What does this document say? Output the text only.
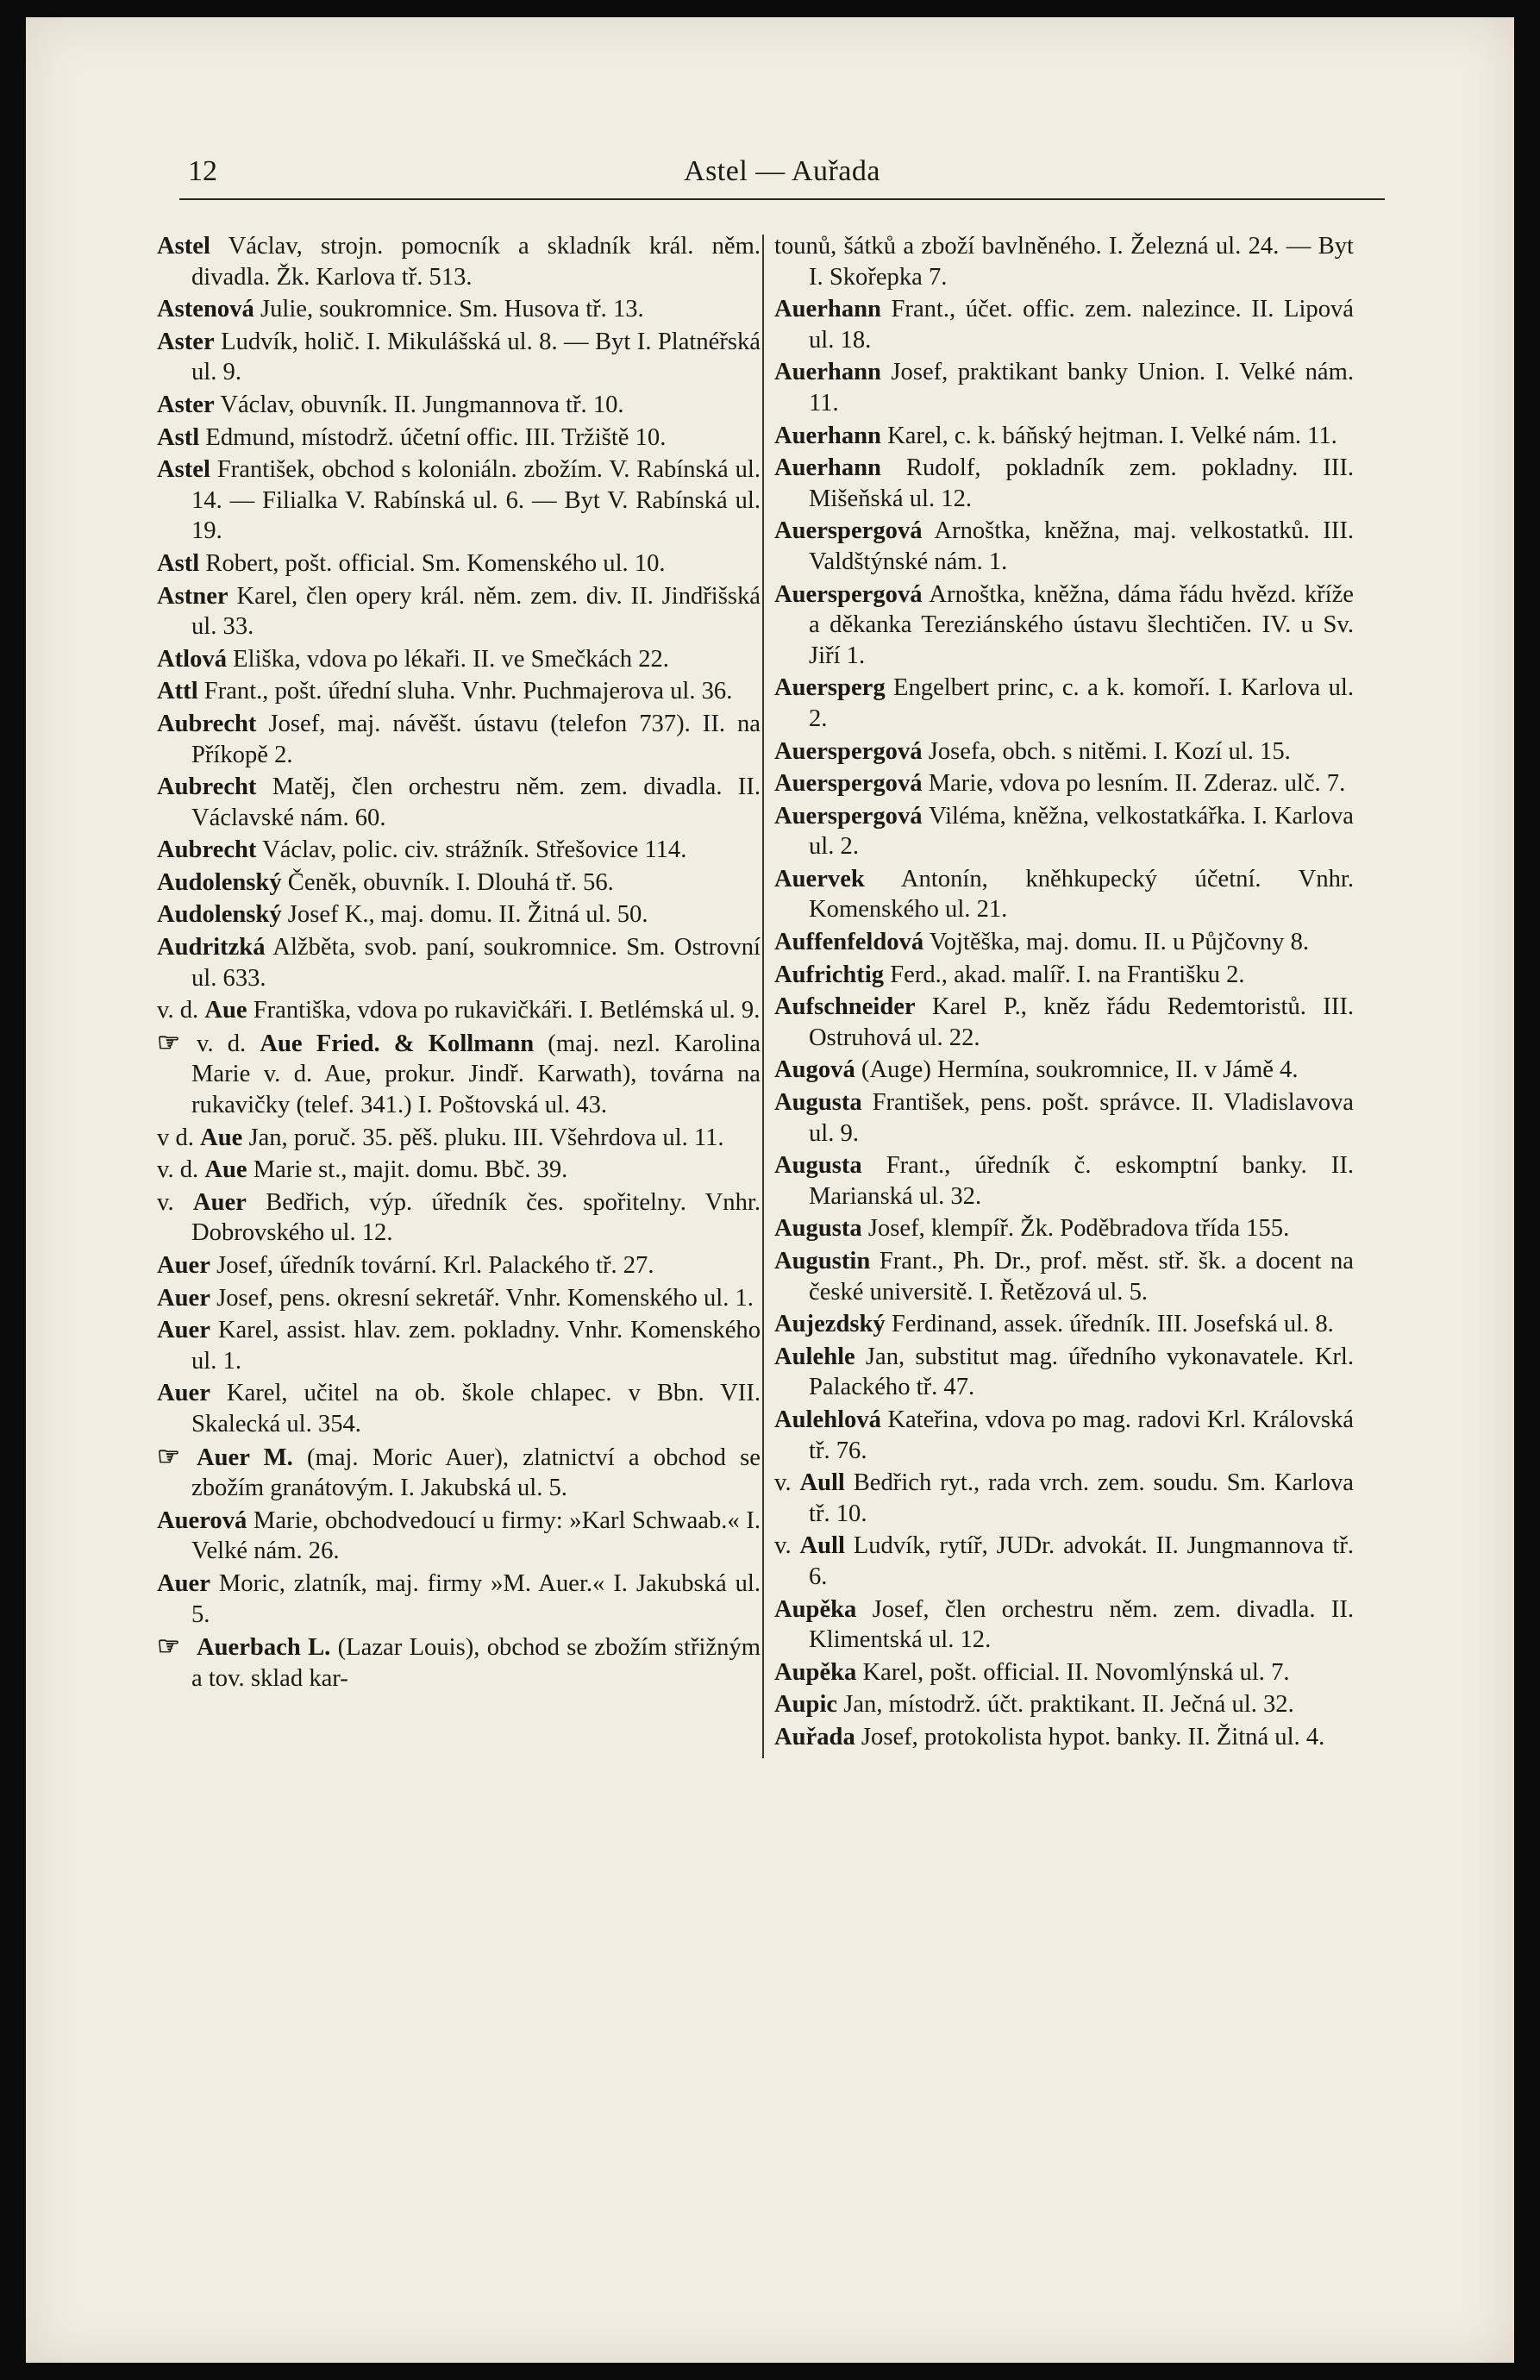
12	Astel — Auřada

Astel Václav, strojn. pomocník a skladník král. něm. divadla. Žk. Karlova tř. 513.

Astenová Julie, soukromnice. Sm. Husova tř. 13.

Aster Ludvík, holič. I. Mikulášská ul. 8. — Byt I. Platnéřská ul. 9.

Aster Václav, obuvník. II. Jungmannova tř. 10.

Astl Edmund, místodrž. účetní offic. III. Tržiště 10.

Astel František, obchod s koloniáln. zbožím. V. Rabínská ul. 14. — Filialka V. Rabínská ul. 6. — Byt V. Rabínská ul. 19.

Astl Robert, pošt. official. Sm. Komenského ul. 10.

Astner Karel, člen opery král. něm. zem. div. II. Jindřišská ul. 33.

Atlová Eliška, vdova po lékaři. II. ve Smečkách 22.

Attl Frant., pošt. úřední sluha. Vnhr. Puchmajerova ul. 36.

Aubrecht Josef, maj. návěšt. ústavu (telefon 737). II. na Příkopě 2.

Aubrecht Matěj, člen orchestru něm. zem. divadla. II. Václavské nám. 60.

Aubrecht Václav, polic. civ. strážník. Střešovice 114.

Audolenský Čeněk, obuvník. I. Dlouhá tř. 56.

Audolenský Josef K., maj. domu. II. Žitná ul. 50.

Audritzká Alžběta, svob. paní, soukromnice. Sm. Ostrovní ul. 633.

v. d. Aue Františka, vdova po rukavičkáři. I. Betlémská ul. 9.

☞ v. d. Aue Fried. & Kollmann (maj. nezl. Karolina Marie v. d. Aue, prokur. Jindř. Karwath), továrna na rukavičky (telef. 341.) I. Poštovská ul. 43.

v d. Aue Jan, poruč. 35. pěš. pluku. III. Všehrdova ul. 11.

v. d. Aue Marie st., majit. domu. Bbč. 39.

v. Auer Bedřich, výp. úředník čes. spořitelny. Vnhr. Dobrovského ul. 12.

Auer Josef, úředník tovární. Krl. Palackého tř. 27.

Auer Josef, pens. okresní sekretář. Vnhr. Komenského ul. 1.

Auer Karel, assist. hlav. zem. pokladny. Vnhr. Komenského ul. 1.

Auer Karel, učitel na ob. škole chlapec. v Bbn. VII. Skalecká ul. 354.

☞ Auer M. (maj. Moric Auer), zlatnictví a obchod se zbožím granátovým. I. Jakubská ul. 5.

Auerová Marie, obchodvedoucí u firmy: »Karl Schwaab.« I. Velké nám. 26.

Auer Moric, zlatník, maj. firmy »M. Auer.« I. Jakubská ul. 5.

☞ Auerbach L. (Lazar Louis), obchod se zbožím střižným a tov. sklad kar-

tounů, šátků a zboží bavlněného. I. Železná ul. 24. — Byt I. Skořepka 7.

Auerhann Frant., účet. offic. zem. nalezince. II. Lipová ul. 18.

Auerhann Josef, praktikant banky Union. I. Velké nám. 11.

Auerhann Karel, c. k. báňský hejtman. I. Velké nám. 11.

Auerhann Rudolf, pokladník zem. pokladny. III. Mišeňská ul. 12.

Auerspergová Arnoštka, kněžna, maj. velkostatků. III. Valdštýnské nám. 1.

Auerspergová Arnoštka, kněžna, dáma řádu hvězd. kříže a děkanka Tereziánského ústavu šlechtičen. IV. u Sv. Jiří 1.

Auersperg Engelbert princ, c. a k. komoří. I. Karlova ul. 2.

Auerspergová Josefa, obch. s nitěmi. I. Kozí ul. 15.

Auerspergová Marie, vdova po lesním. II. Zderaz. ulč. 7.

Auerspergová Viléma, kněžna, velkostatkářka. I. Karlova ul. 2.

Auervek Antonín, kněhkupecký účetní. Vnhr. Komenského ul. 21.

Auffenfeldová Vojtěška, maj. domu. II. u Půjčovny 8.

Aufrichtig Ferd., akad. malíř. I. na Františku 2.

Aufschneider Karel P., kněz řádu Redemtoristů. III. Ostruhová ul. 22.

Augová (Auge) Hermína, soukromnice, II. v Jámě 4.

Augusta František, pens. pošt. správce. II. Vladislavova ul. 9.

Augusta Frant., úředník č. eskomptní banky. II. Marianská ul. 32.

Augusta Josef, klempíř. Žk. Poděbradova třída 155.

Augustin Frant., Ph. Dr., prof. měst. stř. šk. a docent na české universitě. I. Řetězová ul. 5.

Aujezdský Ferdinand, assek. úředník. III. Josefská ul. 8.

Aulehle Jan, substitut mag. úředního vykonavatele. Krl. Palackého tř. 47.

Aulehlová Kateřina, vdova po mag. radovi Krl. Královská tř. 76.

v. Aull Bedřich ryt., rada vrch. zem. soudu. Sm. Karlova tř. 10.

v. Aull Ludvík, rytíř, JUDr. advokát. II. Jungmannova tř. 6.

Aupěka Josef, člen orchestru něm. zem. divadla. II. Klimentská ul. 12.

Aupěka Karel, pošt. official. II. Novomlýnská ul. 7.

Aupic Jan, místodrž. účt. praktikant. II. Ječná ul. 32.

Auřada Josef, protokolista hypot. banky. II. Žitná ul. 4.
